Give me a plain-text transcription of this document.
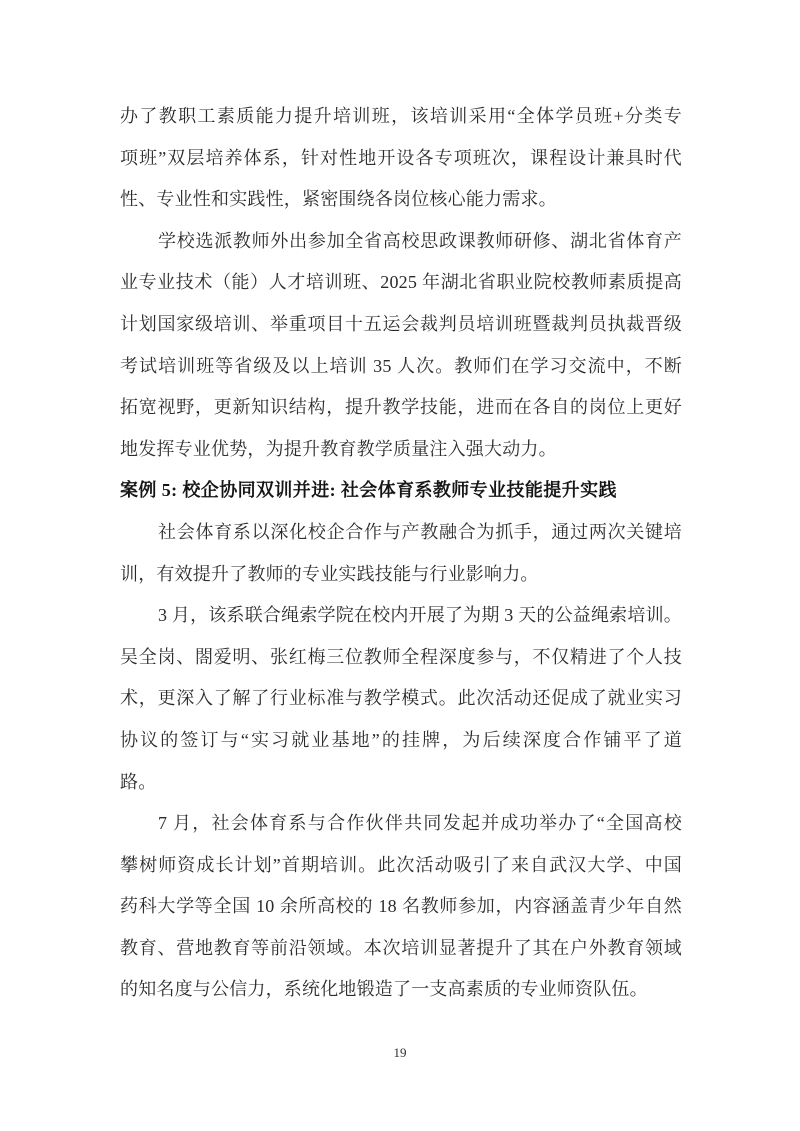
办了教职工素质能力提升培训班，该培训采用“全体学员班+分类专
项班”双层培养体系，针对性地开设各专项班次，课程设计兼具时代
性、专业性和实践性，紧密围绕各岗位核心能力需求。
学校选派教师外出参加全省高校思政课教师研修、湖北省体育产
业专业技术（能）人才培训班、2025 年湖北省职业院校教师素质提高
计划国家级培训、举重项目十五运会裁判员培训班暨裁判员执裁晋级
考试培训班等省级及以上培训 35 人次。教师们在学习交流中，不断
拓宽视野，更新知识结构，提升教学技能，进而在各自的岗位上更好
地发挥专业优势，为提升教育教学质量注入强大动力。
案例 5: 校企协同双训并进: 社会体育系教师专业技能提升实践
社会体育系以深化校企合作与产教融合为抓手，通过两次关键培
训，有效提升了教师的专业实践技能与行业影响力。
3 月，该系联合绳索学院在校内开展了为期 3 天的公益绳索培训。
吴全岗、閤爱明、张红梅三位教师全程深度参与，不仅精进了个人技
术，更深入了解了行业标准与教学模式。此次活动还促成了就业实习
协议的签订与“实习就业基地”的挂牌，为后续深度合作铺平了道
路。
7 月，社会体育系与合作伙伴共同发起并成功举办了“全国高校
攀树师资成长计划”首期培训。此次活动吸引了来自武汉大学、中国
药科大学等全国 10 余所高校的 18 名教师参加，内容涵盖青少年自然
教育、营地教育等前沿领域。本次培训显著提升了其在户外教育领域
的知名度与公信力，系统化地锻造了一支高素质的专业师资队伍。
19
